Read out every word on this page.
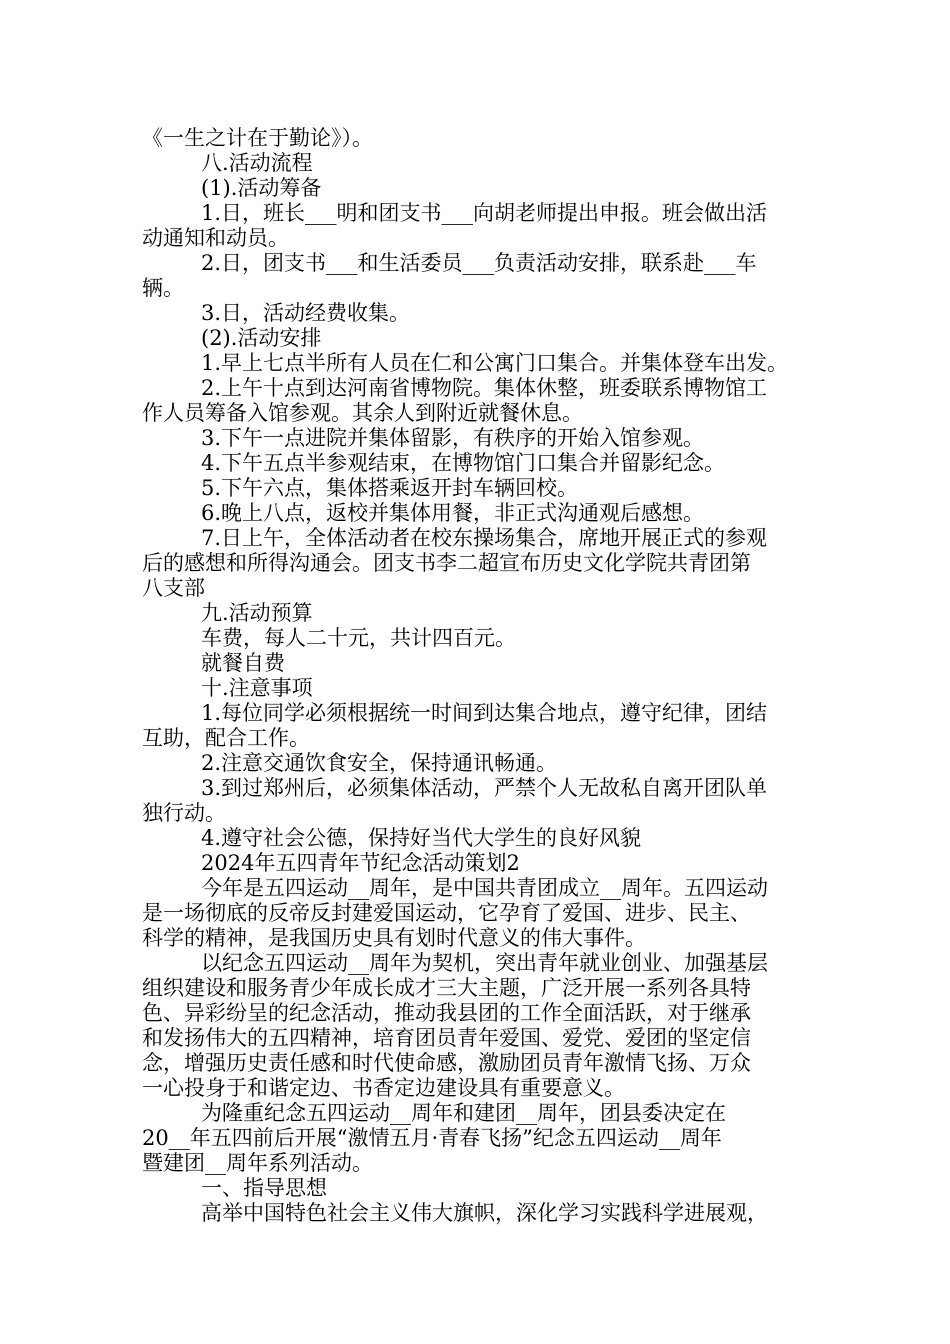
《一生之计在于勤论》）。
八.活动流程
(1).活动筹备
1.日，班长___明和团支书___向胡老师提出申报。班会做出活
动通知和动员。
2.日，团支书___和生活委员___负责活动安排，联系赴___车
辆。
3.日，活动经费收集。
(2).活动安排
1.早上七点半所有人员在仁和公寓门口集合。并集体登车出发。
2.上午十点到达河南省博物院。集体休整，班委联系博物馆工
作人员筹备入馆参观。其余人到附近就餐休息。
3.下午一点进院并集体留影，有秩序的开始入馆参观。
4.下午五点半参观结束，在博物馆门口集合并留影纪念。
5.下午六点，集体搭乘返开封车辆回校。
6.晚上八点，返校并集体用餐，非正式沟通观后感想。
7.日上午，全体活动者在校东操场集合，席地开展正式的参观
后的感想和所得沟通会。团支书李二超宣布历史文化学院共青团第
八支部
九.活动预算
车费，每人二十元，共计四百元。
就餐自费
十.注意事项
1.每位同学必须根据统一时间到达集合地点，遵守纪律，团结
互助，配合工作。
2.注意交通饮食安全，保持通讯畅通。
3.到过郑州后，必须集体活动，严禁个人无故私自离开团队单
独行动。
4.遵守社会公德，保持好当代大学生的良好风貌
2024年五四青年节纪念活动策划2
今年是五四运动__周年，是中国共青团成立__周年。五四运动
是一场彻底的反帝反封建爱国运动，它孕育了爱国、进步、民主、
科学的精神，是我国历史具有划时代意义的伟大事件。
以纪念五四运动__周年为契机，突出青年就业创业、加强基层
组织建设和服务青少年成长成才三大主题，广泛开展一系列各具特
色、异彩纷呈的纪念活动，推动我县团的工作全面活跃，对于继承
和发扬伟大的五四精神，培育团员青年爱国、爱党、爱团的坚定信
念，增强历史责任感和时代使命感，激励团员青年激情飞扬、万众
一心投身于和谐定边、书香定边建设具有重要意义。
为隆重纪念五四运动__周年和建团__周年，团县委决定在
20__年五四前后开展“激情五月·青春飞扬”纪念五四运动__周年
暨建团__周年系列活动。
一、指导思想
高举中国特色社会主义伟大旗帜，深化学习实践科学进展观，
